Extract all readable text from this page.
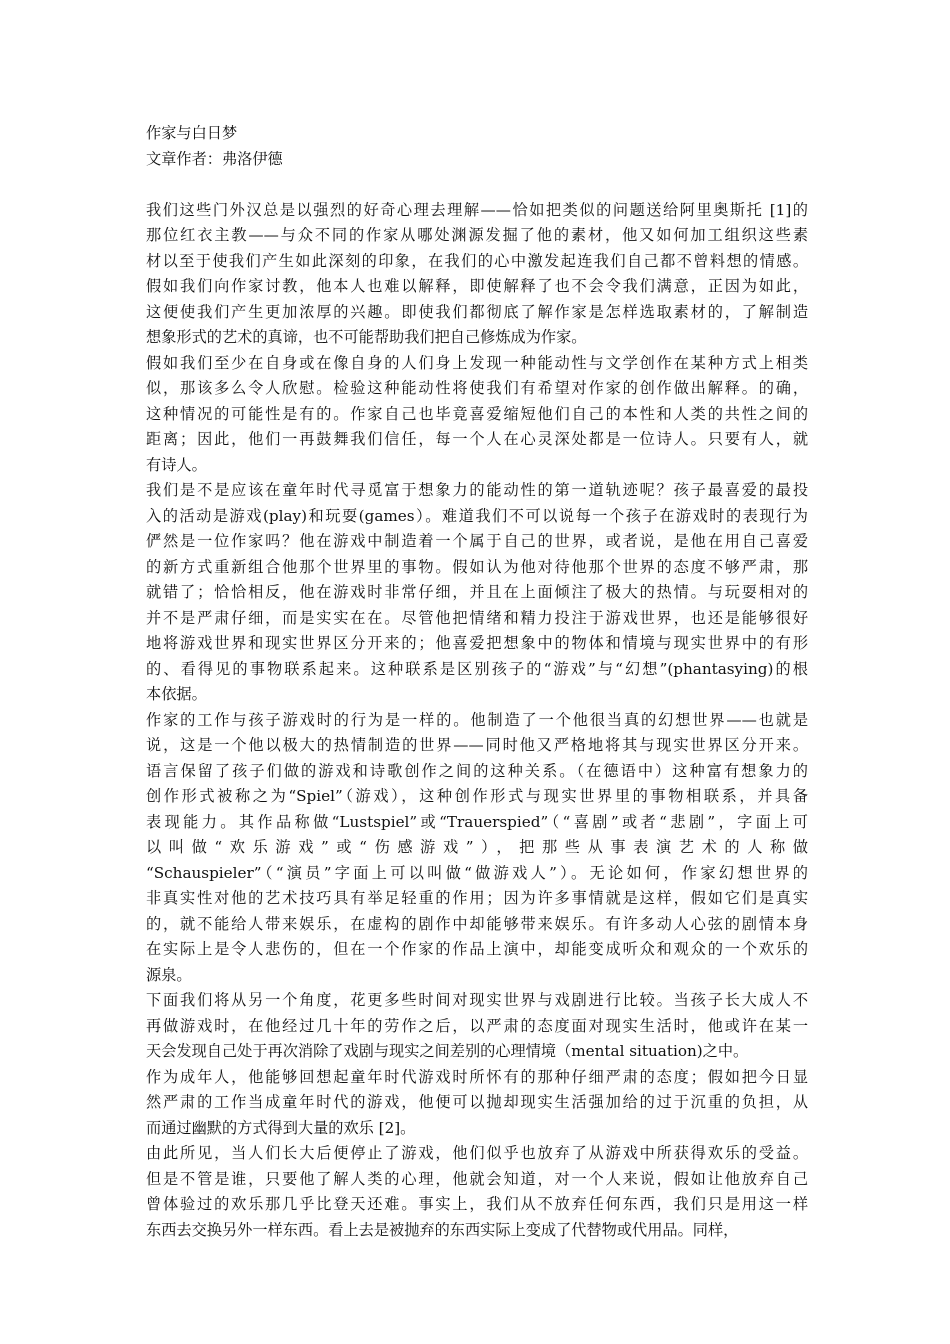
作家与白日梦
文章作者：弗洛伊德
我们这些门外汉总是以强烈的好奇心理去理解——恰如把类似的问题送给阿里奥斯托 [1]的
那位红衣主教——与众不同的作家从哪处渊源发掘了他的素材，他又如何加工组织这些素
材以至于使我们产生如此深刻的印象，在我们的心中激发起连我们自己都不曾料想的情感。
假如我们向作家讨教，他本人也难以解释，即使解释了也不会令我们满意，正因为如此，
这便使我们产生更加浓厚的兴趣。即使我们都彻底了解作家是怎样选取素材的，了解制造
想象形式的艺术的真谛，也不可能帮助我们把自己修炼成为作家。
假如我们至少在自身或在像自身的人们身上发现一种能动性与文学创作在某种方式上相类
似，那该多么令人欣慰。检验这种能动性将使我们有希望对作家的创作做出解释。的确，
这种情况的可能性是有的。作家自己也毕竟喜爱缩短他们自己的本性和人类的共性之间的
距离；因此，他们一再鼓舞我们信任，每一个人在心灵深处都是一位诗人。只要有人，就
有诗人。
我们是不是应该在童年时代寻觅富于想象力的能动性的第一道轨迹呢？孩子最喜爱的最投
入的活动是游戏(play)和玩耍(games）。难道我们不可以说每一个孩子在游戏时的表现行为
俨然是一位作家吗？他在游戏中制造着一个属于自己的世界，或者说，是他在用自己喜爱
的新方式重新组合他那个世界里的事物。假如认为他对待他那个世界的态度不够严肃，那
就错了；恰恰相反，他在游戏时非常仔细，并且在上面倾注了极大的热情。与玩耍相对的
并不是严肃仔细，而是实实在在。尽管他把情绪和精力投注于游戏世界，也还是能够很好
地将游戏世界和现实世界区分开来的；他喜爱把想象中的物体和情境与现实世界中的有形
的、看得见的事物联系起来。这种联系是区别孩子的“游戏”与“幻想”(phantasying)的根
本依据。
作家的工作与孩子游戏时的行为是一样的。他制造了一个他很当真的幻想世界——也就是
说，这是一个他以极大的热情制造的世界——同时他又严格地将其与现实世界区分开来。
语言保留了孩子们做的游戏和诗歌创作之间的这种关系。（在德语中）这种富有想象力的
创作形式被称之为“Spiel”（游戏），这种创作形式与现实世界里的事物相联系，并具备
表现能力。其作品称做“Lustspiel”或“Trauerspied”（“喜剧”或者“悲剧”，字面上可
以叫做“欢乐游戏”或“伤感游戏”），把那些从事表演艺术的人称做
“Schauspieler”（“演员”字面上可以叫做“做游戏人”）。无论如何，作家幻想世界的
非真实性对他的艺术技巧具有举足轻重的作用；因为许多事情就是这样，假如它们是真实
的，就不能给人带来娱乐，在虚构的剧作中却能够带来娱乐。有许多动人心弦的剧情本身
在实际上是令人悲伤的，但在一个作家的作品上演中，却能变成听众和观众的一个欢乐的
源泉。
下面我们将从另一个角度，花更多些时间对现实世界与戏剧进行比较。当孩子长大成人不
再做游戏时，在他经过几十年的劳作之后，以严肃的态度面对现实生活时，他或许在某一
天会发现自己处于再次消除了戏剧与现实之间差别的心理情境（mental situation)之中。
作为成年人，他能够回想起童年时代游戏时所怀有的那种仔细严肃的态度；假如把今日显
然严肃的工作当成童年时代的游戏，他便可以抛却现实生活强加给的过于沉重的负担，从
而通过幽默的方式得到大量的欢乐 [2]。
由此所见，当人们长大后便停止了游戏，他们似乎也放弃了从游戏中所获得欢乐的受益。
但是不管是谁，只要他了解人类的心理，他就会知道，对一个人来说，假如让他放弃自己
曾体验过的欢乐那几乎比登天还难。事实上，我们从不放弃任何东西，我们只是用这一样
东西去交换另外一样东西。看上去是被抛弃的东西实际上变成了代替物或代用品。同样，
